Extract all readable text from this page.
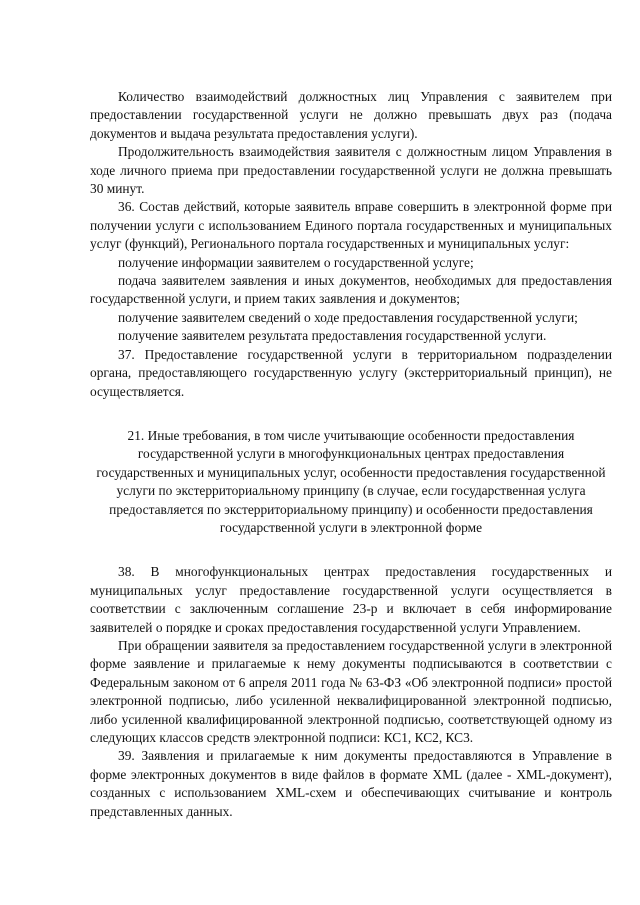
Количество взаимодействий должностных лиц Управления с заявителем при предоставлении государственной услуги не должно превышать двух раз (подача документов и выдача результата предоставления услуги).

Продолжительность взаимодействия заявителя с должностным лицом Управления в ходе личного приема при предоставлении государственной услуги не должна превышать 30 минут.

36. Состав действий, которые заявитель вправе совершить в электронной форме при получении услуги с использованием Единого портала государственных и муниципальных услуг (функций), Регионального портала государственных и муниципальных услуг:

получение информации заявителем о государственной услуге;

подача заявителем заявления и иных документов, необходимых для предоставления государственной услуги, и прием таких заявления и документов;

получение заявителем сведений о ходе предоставления государственной услуги;

получение заявителем результата предоставления государственной услуги.

37. Предоставление государственной услуги в территориальном подразделении органа, предоставляющего государственную услугу (экстерриториальный принцип), не осуществляется.

21. Иные требования, в том числе учитывающие особенности предоставления государственной услуги в многофункциональных центрах предоставления государственных и муниципальных услуг, особенности предоставления государственной услуги по экстерриториальному принципу (в случае, если государственная услуга предоставляется по экстерриториальному принципу) и особенности предоставления государственной услуги в электронной форме

38. В многофункциональных центрах предоставления государственных и муниципальных услуг предоставление государственной услуги осуществляется в соответствии с заключенным соглашение 23-р и включает в себя информирование заявителей о порядке и сроках предоставления государственной услуги Управлением.

При обращении заявителя за предоставлением государственной услуги в электронной форме заявление и прилагаемые к нему документы подписываются в соответствии с Федеральным законом от 6 апреля 2011 года № 63-ФЗ «Об электронной подписи» простой электронной подписью, либо усиленной неквалифицированной электронной подписью, либо усиленной квалифицированной электронной подписью, соответствующей одному из следующих классов средств электронной подписи: КС1, КС2, КС3.

39. Заявления и прилагаемые к ним документы предоставляются в Управление в форме электронных документов в виде файлов в формате XML (далее - XML-документ), созданных с использованием XML-схем и обеспечивающих считывание и контроль представленных данных.
